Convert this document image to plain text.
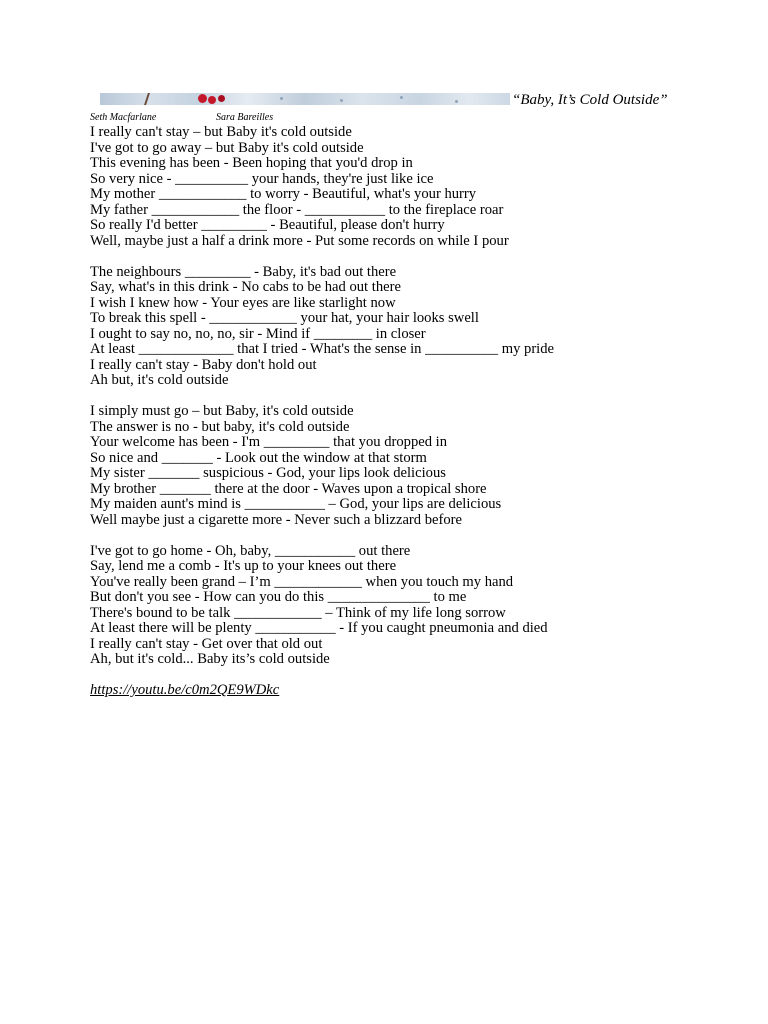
“Baby, It’s Cold Outside”
Seth Macfarlane	Sara Bareilles
I really can't stay – but Baby it's cold outside
I've got to go away – but Baby it's cold outside
This evening has been - Been hoping that you'd drop in
So very nice - __________ your hands, they're just like ice
My mother ____________ to worry - Beautiful, what's your hurry
My father ____________ the floor - ___________ to the fireplace roar
So really I'd better _________ - Beautiful, please don't hurry
Well, maybe just a half a drink more - Put some records on while I pour
The neighbours _________ - Baby, it's bad out there
Say, what's in this drink - No cabs to be had out there
I wish I knew how - Your eyes are like starlight now
To break this spell - ____________ your hat, your hair looks swell
I ought to say no, no, no, sir - Mind if ________ in closer
At least _____________ that I tried - What's the sense in __________ my pride
I really can't stay - Baby don't hold out
Ah but, it's cold outside
I simply must go – but Baby, it's cold outside
The answer is no - but baby, it's cold outside
Your welcome has been - I'm _________ that you dropped in
So nice and _______ - Look out the window at that storm
My sister _______ suspicious - God, your lips look delicious
My brother _______ there at the door - Waves upon a tropical shore
My maiden aunt's mind is ___________ – God, your lips are delicious
Well maybe just a cigarette more - Never such a blizzard before
I've got to go home - Oh, baby, ___________ out there
Say, lend me a comb - It's up to your knees out there
You've really been grand – I’m ____________ when you touch my hand
But don't you see - How can you do this ______________ to me
There's bound to be talk ____________ – Think of my life long sorrow
At least there will be plenty ___________ - If you caught pneumonia and died
I really can't stay - Get over that old out
Ah, but it's cold... Baby its’s cold outside
https://youtu.be/c0m2QE9WDkc
